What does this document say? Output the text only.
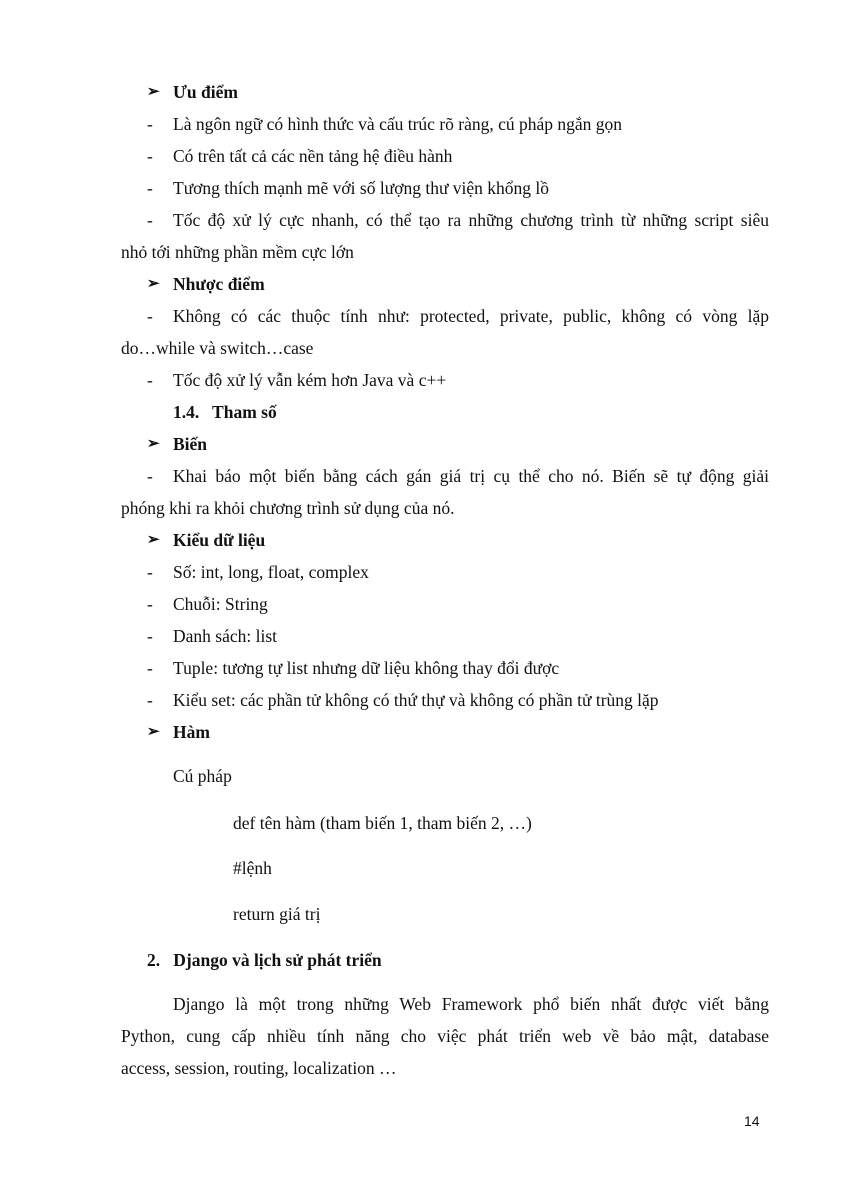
➢ Ưu điểm

- Là ngôn ngữ có hình thức và cấu trúc rõ ràng, cú pháp ngắn gọn

- Có trên tất cả các nền tảng hệ điều hành

- Tương thích mạnh mẽ với số lượng thư viện khổng lồ

- Tốc độ xử lý cực nhanh, có thể tạo ra những chương trình từ những script siêu

nhỏ tới những phần mềm cực lớn

➢ Nhược điểm

- Không có các thuộc tính như: protected, private, public, không có vòng lặp

do…while và switch…case

- Tốc độ xử lý vẫn kém hơn Java và c++

1.4.   Tham số

➢ Biến

- Khai báo một biến bằng cách gán giá trị cụ thể cho nó. Biến sẽ tự động giải

phóng khi ra khỏi chương trình sử dụng của nó.

➢ Kiểu dữ liệu

- Số: int, long, float, complex

- Chuỗi: String

- Danh sách: list

- Tuple: tương tự list nhưng dữ liệu không thay đổi được

- Kiểu set: các phần tử không có thứ thự và không có phần tử trùng lặp

➢ Hàm

Cú pháp

def tên hàm (tham biến 1, tham biến 2, …)

#lệnh

return giá trị

2.   Django và lịch sử phát triển

Django là một trong những Web Framework phổ biến nhất được viết bằng

Python, cung cấp nhiều tính năng cho việc phát triển web về bảo mật, database

access, session, routing, localization …

14
